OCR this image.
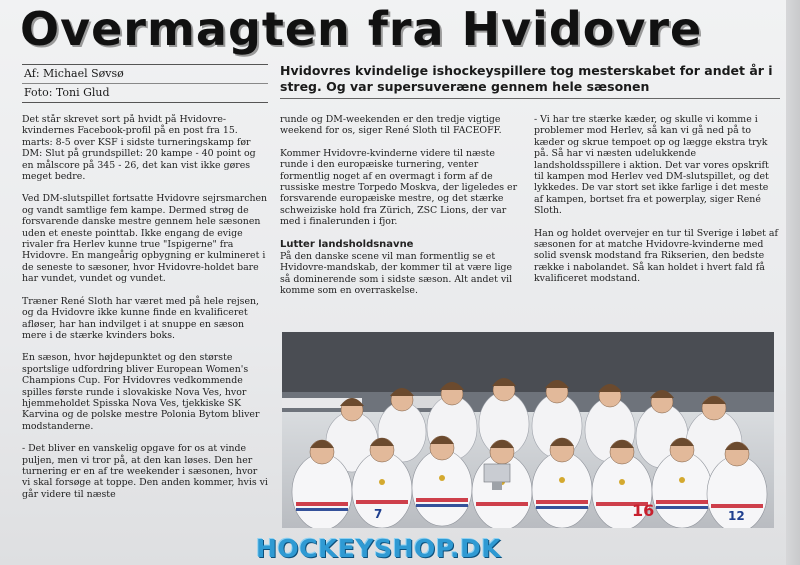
Overmagten fra Hvidovre
Af: Michael Søvsø
Foto: Toni Glud
Hvidovres kvindelige ishockeyspillere tog mesterskabet for andet år i streg. Og var supersuveræne gennem hele sæsonen

Det står skrevet sort på hvidt på Hvidovre-kvindernes Facebook-profil på en post fra 15. marts: 8-5 over KSF i sidste turneringskamp før DM: Slut på grundspillet: 20 kampe - 40 point og en målscore på 345 - 26, det kan vist ikke gøres meget bedre.

Ved DM-slutspillet fortsatte Hvidovre sejrsmarchen og vandt samtlige fem kampe. Dermed strøg de forsvarende danske mestre gennem hele sæsonen uden et eneste pointtab. Ikke engang de evige rivaler fra Herlev kunne true "Ispigerne" fra Hvidovre. En mangeårig opbygning er kulmineret i de seneste to sæsoner, hvor Hvidovre-holdet bare har vundet, vundet og vundet.

Træner René Sloth har været med på hele rejsen, og da Hvidovre ikke kunne finde en kvalificeret afløser, har han indvilget i at snuppe en sæson mere i de stærke kvinders boks.

En sæson, hvor højdepunktet og den største sportslige udfordring bliver European Women's Champions Cup. For Hvidovres vedkommende spilles første runde i slovakiske Nova Ves, hvor hjemmeholdet Spisska Nova Ves, tjekkiske SK Karvina og de polske mestre Polonia Bytom bliver modstanderne.

- Det bliver en vanskelig opgave for os at vinde puljen, men vi tror på, at den kan løses. Den her turnering er en af tre weekender i sæsonen, hvor vi skal forsøge at toppe. Den anden kommer, hvis vi går videre til næste

runde og DM-weekenden er den tredje vigtige weekend for os, siger René Sloth til FACEOFF.

Kommer Hvidovre-kvinderne videre til næste runde i den europæiske turnering, venter formentlig noget af en overmagt i form af de russiske mestre Torpedo Moskva, der ligeledes er forsvarende europæiske mestre, og det stærke schweiziske hold fra Zürich, ZSC Lions, der var med i finalerunden i fjor.

Lutter landsholdsnavne

På den danske scene vil man formentlig se et Hvidovre-mandskab, der kommer til at være lige så dominerende som i sidste sæson. Alt andet vil komme som en overraskelse.

- Vi har tre stærke kæder, og skulle vi komme i problemer mod Herlev, så kan vi gå ned på to kæder og skrue tempoet op og lægge ekstra tryk på. Så har vi næsten udelukkende landsholdsspillere i aktion. Det var vores opskrift til kampen mod Herlev ved DM-slutspillet, og det lykkedes. De var stort set ikke farlige i det meste af kampen, bortset fra et powerplay, siger René Sloth.

Han og holdet overvejer en tur til Sverige i løbet af sæsonen for at matche Hvidovre-kvinderne med solid svensk modstand fra Rikserien, den bedste række i nabolandet. Så kan holdet i hvert fald få kvalificeret modstand.

16
7	12
HOCKEYSHOP.DK
